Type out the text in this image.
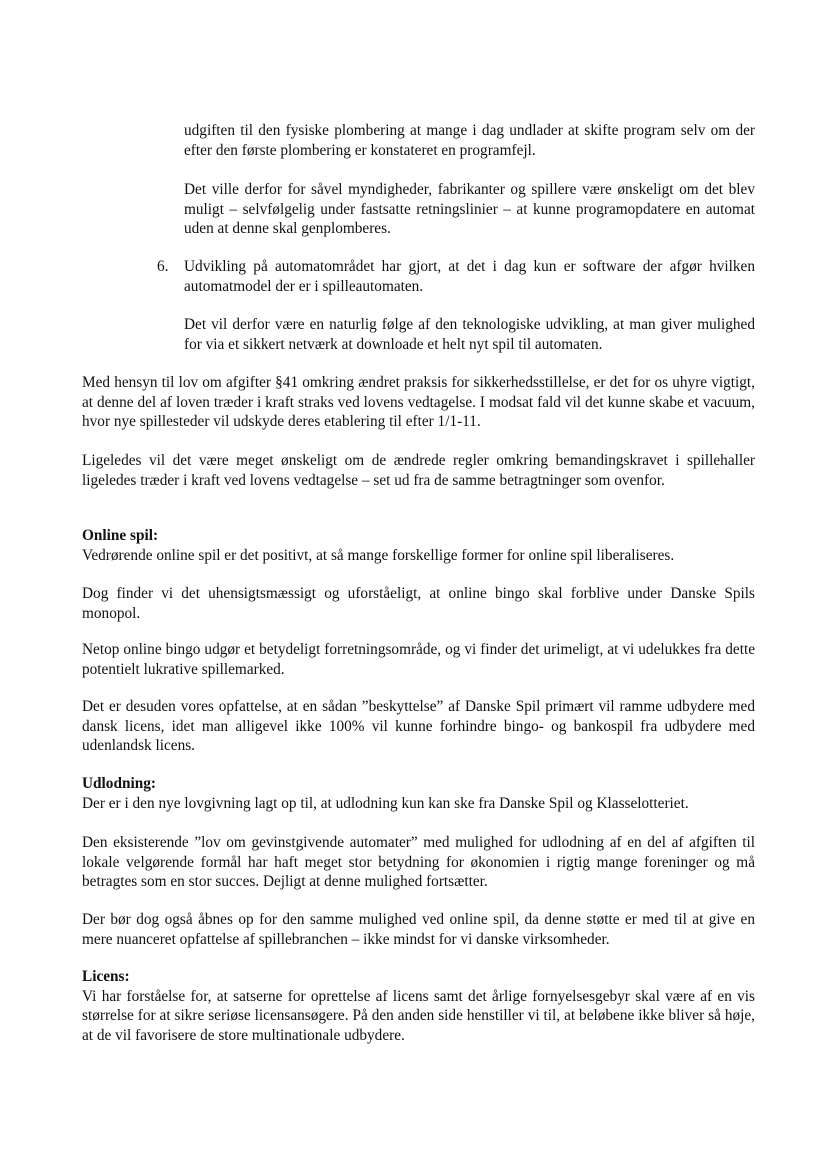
udgiften til den fysiske plombering at mange i dag undlader at skifte program selv om der efter den første plombering er konstateret en programfejl.
Det ville derfor for såvel myndigheder, fabrikanter og spillere være ønskeligt om det blev muligt – selvfølgelig under fastsatte retningslinier – at kunne programopdatere en automat uden at denne skal genplomberes.
6. Udvikling på automatområdet har gjort, at det i dag kun er software der afgør hvilken automatmodel der er i spilleautomaten.
Det vil derfor være en naturlig følge af den teknologiske udvikling, at man giver mulighed for via et sikkert netværk at downloade et helt nyt spil til automaten.
Med hensyn til lov om afgifter §41 omkring ændret praksis for sikkerhedsstillelse, er det for os uhyre vigtigt, at denne del af loven træder i kraft straks ved lovens vedtagelse. I modsat fald vil det kunne skabe et vacuum, hvor nye spillesteder vil udskyde deres etablering til efter 1/1-11.
Ligeledes vil det være meget ønskeligt om de ændrede regler omkring bemandingskravet i spillehaller ligeledes træder i kraft ved lovens vedtagelse – set ud fra de samme betragtninger som ovenfor.
Online spil:
Vedrørende online spil er det positivt, at så mange forskellige former for online spil liberaliseres.
Dog finder vi det uhensigtsmæssigt og uforståeligt, at online bingo skal forblive under Danske Spils monopol.
Netop online bingo udgør et betydeligt forretningsområde, og vi finder det urimeligt, at vi udelukkes fra dette potentielt lukrative spillemarked.
Det er desuden vores opfattelse, at en sådan ”beskyttelse” af Danske Spil primært vil ramme udbydere med dansk licens, idet man alligevel ikke 100% vil kunne forhindre bingo- og bankospil fra udbydere med udenlandsk licens.
Udlodning:
Der er i den nye lovgivning lagt op til, at udlodning kun kan ske fra Danske Spil og Klasselotteriet.
Den eksisterende ”lov om gevinstgivende automater” med mulighed for udlodning af en del af afgiften til lokale velgørende formål har haft meget stor betydning for økonomien i rigtig mange foreninger og må betragtes som en stor succes. Dejligt at denne mulighed fortsætter.
Der bør dog også åbnes op for den samme mulighed ved online spil, da denne støtte er med til at give en mere nuanceret opfattelse af spillebranchen – ikke mindst for vi danske virksomheder.
Licens:
Vi har forståelse for, at satserne for oprettelse af licens samt det årlige fornyelsesgebyr skal være af en vis størrelse for at sikre seriøse licensansøgere. På den anden side henstiller vi til, at beløbene ikke bliver så høje, at de vil favorisere de store multinationale udbydere.
